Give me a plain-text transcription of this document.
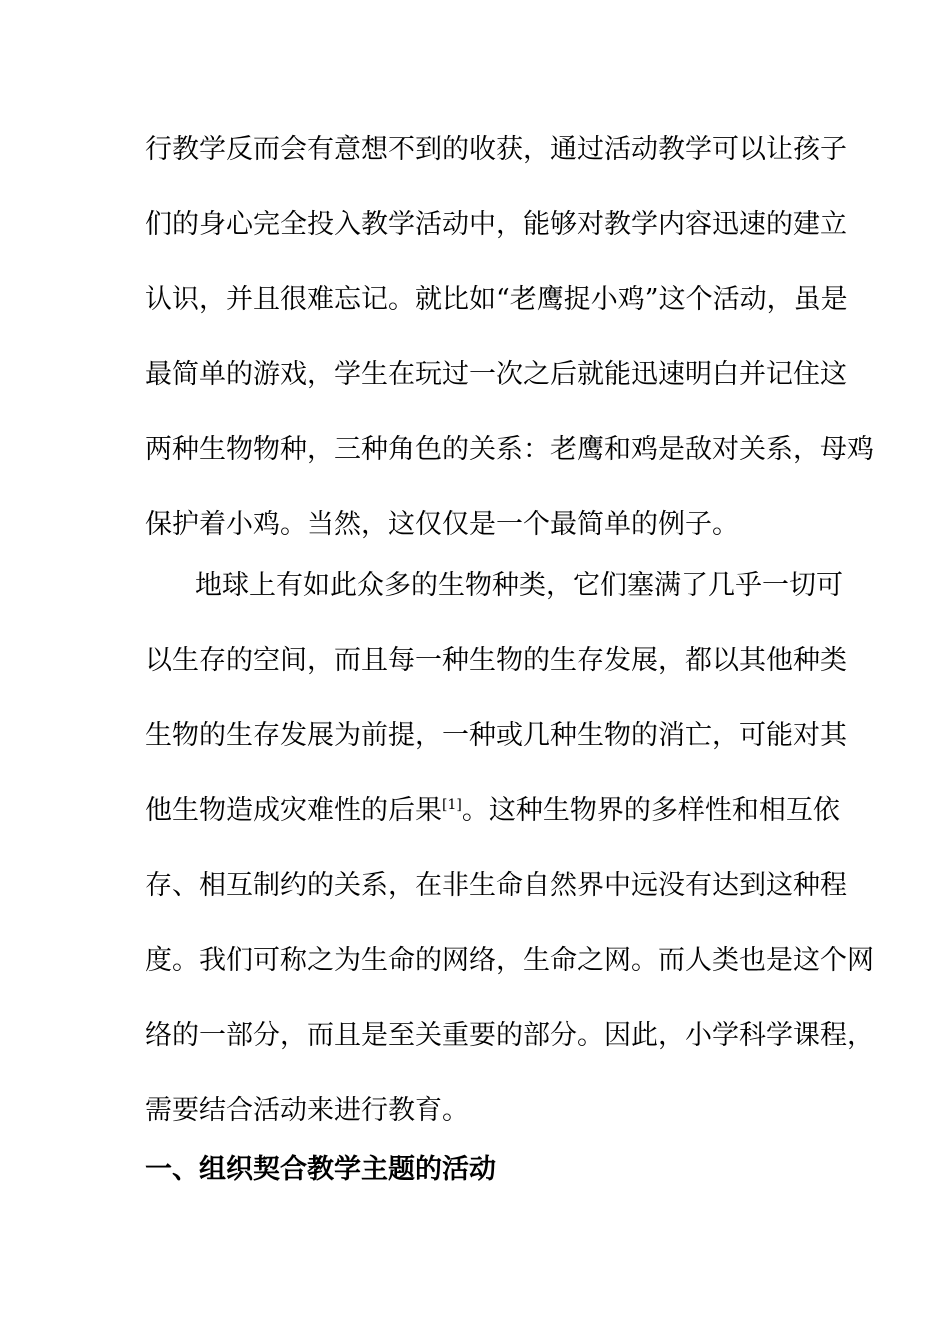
行教学反而会有意想不到的收获，通过活动教学可以让孩子
们的身心完全投入教学活动中，能够对教学内容迅速的建立
认识，并且很难忘记。就比如“老鹰捉小鸡”这个活动，虽是
最简单的游戏，学生在玩过一次之后就能迅速明白并记住这
两种生物物种，三种角色的关系：老鹰和鸡是敌对关系，母鸡
保护着小鸡。当然，这仅仅是一个最简单的例子。
地球上有如此众多的生物种类，它们塞满了几乎一切可
以生存的空间，而且每一种生物的生存发展，都以其他种类
生物的生存发展为前提，一种或几种生物的消亡，可能对其
他生物造成灾难性的后果[1]。这种生物界的多样性和相互依
存、相互制约的关系，在非生命自然界中远没有达到这种程
度。我们可称之为生命的网络，生命之网。而人类也是这个网
络的一部分，而且是至关重要的部分。因此，小学科学课程，
需要结合活动来进行教育。
一、组织契合教学主题的活动
